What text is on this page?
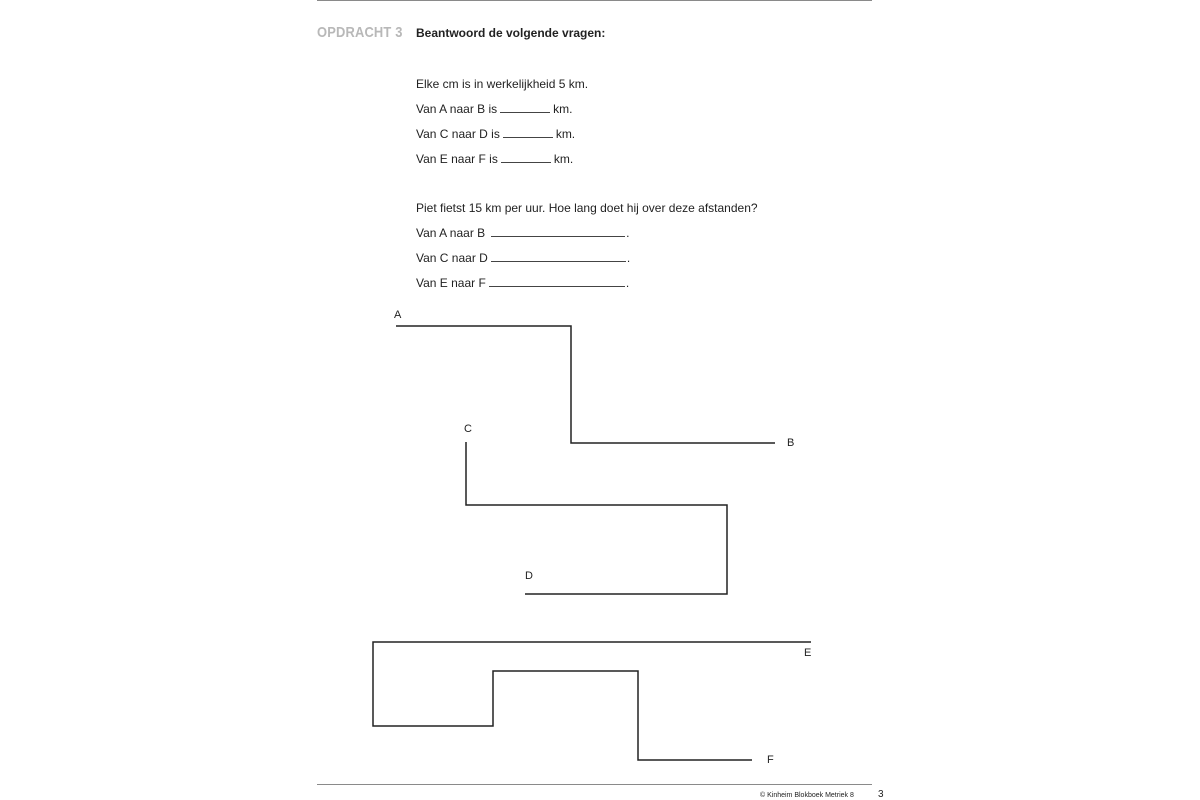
OPDRACHT 3 Beantwoord de volgende vragen:
Elke cm is in werkelijkheid 5 km.
Van A naar B is	km.
Van C naar D is	km.
Van E naar F is	km.
Piet fietst 15 km per uur. Hoe lang doet hij over deze afstanden?
Van A naar B	.
Van C naar D	.
Van E naar F	.
A
B
C
D
E
F
© Kinheim Blokboek Metriek 8 3
